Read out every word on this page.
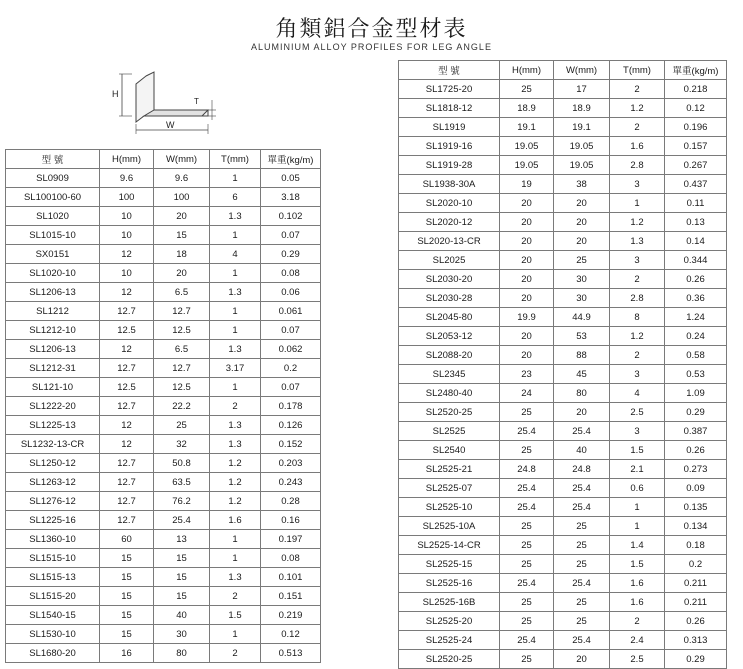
角類鋁合金型材表
ALUMINIUM ALLOY PROFILES FOR LEG ANGLE
H
W
T
型 號	H(mm)	W(mm)	T(mm)	單重(kg/m)
SL0909	9.6	9.6	1	0.05
SL100100-60	100	100	6	3.18
SL1020	10	20	1.3	0.102
SL1015-10	10	15	1	0.07
SX0151	12	18	4	0.29
SL1020-10	10	20	1	0.08
SL1206-13	12	6.5	1.3	0.06
SL1212	12.7	12.7	1	0.061
SL1212-10	12.5	12.5	1	0.07
SL1206-13	12	6.5	1.3	0.062
SL1212-31	12.7	12.7	3.17	0.2
SL121-10	12.5	12.5	1	0.07
SL1222-20	12.7	22.2	2	0.178
SL1225-13	12	25	1.3	0.126
SL1232-13-CR	12	32	1.3	0.152
SL1250-12	12.7	50.8	1.2	0.203
SL1263-12	12.7	63.5	1.2	0.243
SL1276-12	12.7	76.2	1.2	0.28
SL1225-16	12.7	25.4	1.6	0.16
SL1360-10	60	13	1	0.197
SL1515-10	15	15	1	0.08
SL1515-13	15	15	1.3	0.101
SL1515-20	15	15	2	0.151
SL1540-15	15	40	1.5	0.219
SL1530-10	15	30	1	0.12
SL1680-20	16	80	2	0.513
型 號	H(mm)	W(mm)	T(mm)	單重(kg/m)
SL1725-20	25	17	2	0.218
SL1818-12	18.9	18.9	1.2	0.12
SL1919	19.1	19.1	2	0.196
SL1919-16	19.05	19.05	1.6	0.157
SL1919-28	19.05	19.05	2.8	0.267
SL1938-30A	19	38	3	0.437
SL2020-10	20	20	1	0.11
SL2020-12	20	20	1.2	0.13
SL2020-13-CR	20	20	1.3	0.14
SL2025	20	25	3	0.344
SL2030-20	20	30	2	0.26
SL2030-28	20	30	2.8	0.36
SL2045-80	19.9	44.9	8	1.24
SL2053-12	20	53	1.2	0.24
SL2088-20	20	88	2	0.58
SL2345	23	45	3	0.53
SL2480-40	24	80	4	1.09
SL2520-25	25	20	2.5	0.29
SL2525	25.4	25.4	3	0.387
SL2540	25	40	1.5	0.26
SL2525-21	24.8	24.8	2.1	0.273
SL2525-07	25.4	25.4	0.6	0.09
SL2525-10	25.4	25.4	1	0.135
SL2525-10A	25	25	1	0.134
SL2525-14-CR	25	25	1.4	0.18
SL2525-15	25	25	1.5	0.2
SL2525-16	25.4	25.4	1.6	0.211
SL2525-16B	25	25	1.6	0.211
SL2525-20	25	25	2	0.26
SL2525-24	25.4	25.4	2.4	0.313
SL2520-25	25	20	2.5	0.29
